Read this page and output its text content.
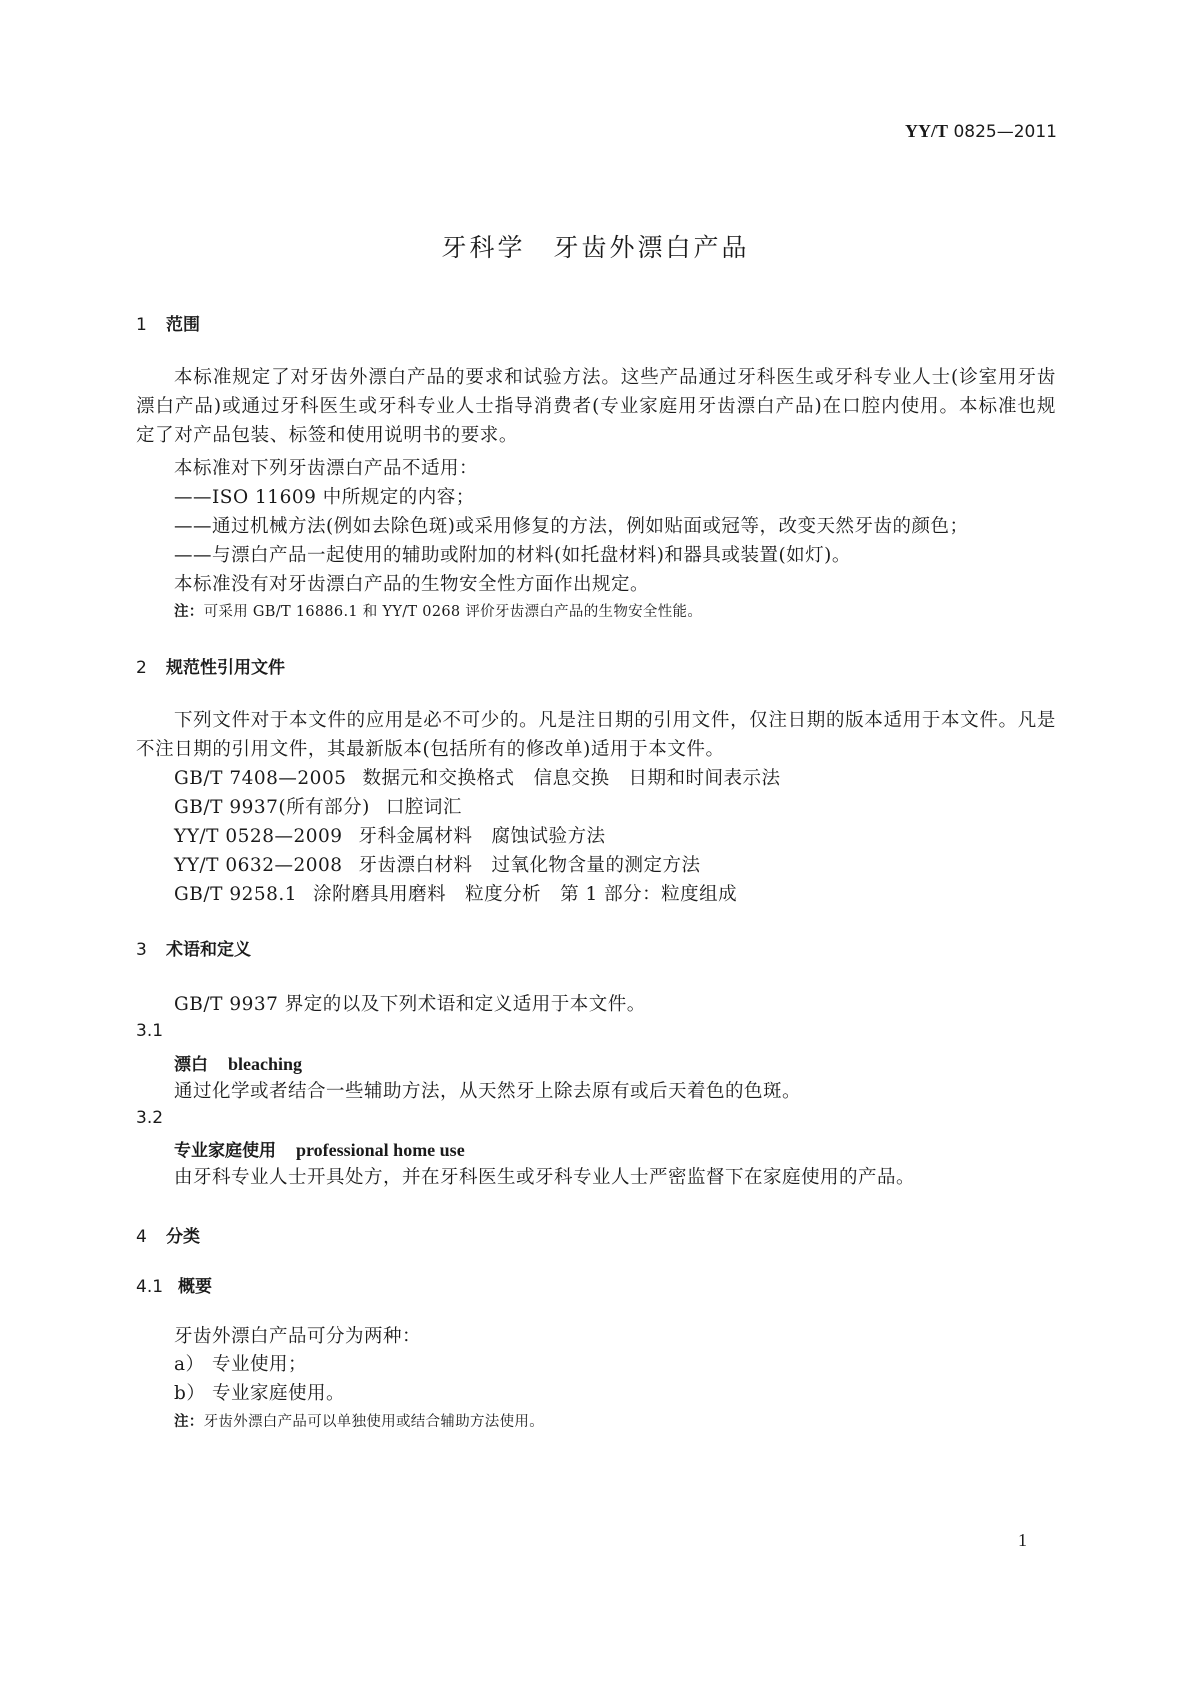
YY/T 0825—2011
牙科学　牙齿外漂白产品
1 范围
本标准规定了对牙齿外漂白产品的要求和试验方法。这些产品通过牙科医生或牙科专业人士(诊室用牙齿漂白产品)或通过牙科医生或牙科专业人士指导消费者(专业家庭用牙齿漂白产品)在口腔内使用。本标准也规定了对产品包装、标签和使用说明书的要求。
本标准对下列牙齿漂白产品不适用：
——ISO 11609 中所规定的内容；
——通过机械方法(例如去除色斑)或采用修复的方法，例如贴面或冠等，改变天然牙齿的颜色；
——与漂白产品一起使用的辅助或附加的材料(如托盘材料)和器具或装置(如灯)。
本标准没有对牙齿漂白产品的生物安全性方面作出规定。
注：可采用 GB/T 16886.1 和 YY/T 0268 评价牙齿漂白产品的生物安全性能。
2 规范性引用文件
下列文件对于本文件的应用是必不可少的。凡是注日期的引用文件，仅注日期的版本适用于本文件。凡是不注日期的引用文件，其最新版本(包括所有的修改单)适用于本文件。
GB/T 7408—2005 数据元和交换格式　信息交换　日期和时间表示法
GB/T 9937(所有部分) 口腔词汇
YY/T 0528—2009 牙科金属材料　腐蚀试验方法
YY/T 0632—2008 牙齿漂白材料　过氧化物含量的测定方法
GB/T 9258.1 涂附磨具用磨料　粒度分析　第 1 部分：粒度组成
3 术语和定义
GB/T 9937 界定的以及下列术语和定义适用于本文件。
3.1
漂白 bleaching
通过化学或者结合一些辅助方法，从天然牙上除去原有或后天着色的色斑。
3.2
专业家庭使用 professional home use
由牙科专业人士开具处方，并在牙科医生或牙科专业人士严密监督下在家庭使用的产品。
4 分类
4.1 概要
牙齿外漂白产品可分为两种：
a） 专业使用；
b） 专业家庭使用。
注：牙齿外漂白产品可以单独使用或结合辅助方法使用。
1
